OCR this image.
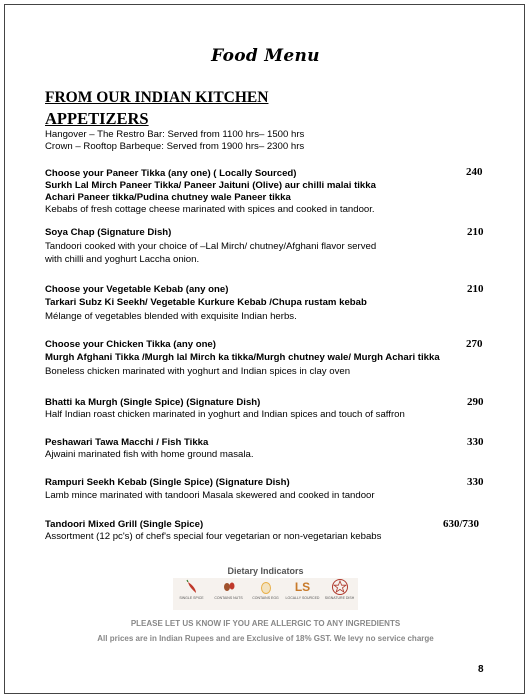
Food Menu
FROM OUR INDIAN KITCHEN
APPETIZERS
Hangover – The Restro Bar: Served from 1100 hrs– 1500 hrs
Crown – Rooftop Barbeque: Served from 1900 hrs– 2300 hrs
Choose your Paneer Tikka (any one) ( Locally Sourced)	240
Surkh Lal Mirch Paneer Tikka/ Paneer Jaituni (Olive) aur chilli malai tikka
Achari Paneer tikka/Pudina chutney wale Paneer tikka
Kebabs of fresh cottage cheese marinated with spices and cooked in tandoor.
Soya Chap (Signature Dish)	210
Tandoori cooked with your choice of –Lal Mirch/ chutney/Afghani flavor served
with chilli and yoghurt Laccha onion.
Choose your Vegetable Kebab (any one)	210
Tarkari Subz Ki Seekh/ Vegetable Kurkure Kebab /Chupa rustam kebab
Mélange of vegetables blended with exquisite Indian herbs.
Choose your Chicken Tikka (any one)	270
Murgh Afghani Tikka /Murgh lal Mirch ka tikka/Murgh chutney wale/ Murgh Achari tikka
Boneless chicken marinated with yoghurt and Indian spices in clay oven
Bhatti ka Murgh (Single Spice) (Signature Dish)	290
Half Indian roast chicken marinated in yoghurt and Indian spices and touch of saffron
Peshawari Tawa Macchi / Fish Tikka	330
Ajwaini marinated fish with home ground masala.
Rampuri Seekh Kebab (Single Spice) (Signature Dish)	330
Lamb mince marinated with tandoori Masala skewered and cooked in tandoor
Tandoori Mixed Grill (Single Spice)	630/730
Assortment (12 pc's) of chef's special four vegetarian or non-vegetarian kebabs
Dietary Indicators
SINGLE SPICE	CONTAINS NUTS	CONTAINS EGG
LS
LOCALLY SOURCED	SIGNATURE DISH
PLEASE LET US KNOW IF YOU ARE ALLERGIC TO ANY INGREDIENTS
All prices are in Indian Rupees and are Exclusive of 18% GST. We levy no service charge
8
